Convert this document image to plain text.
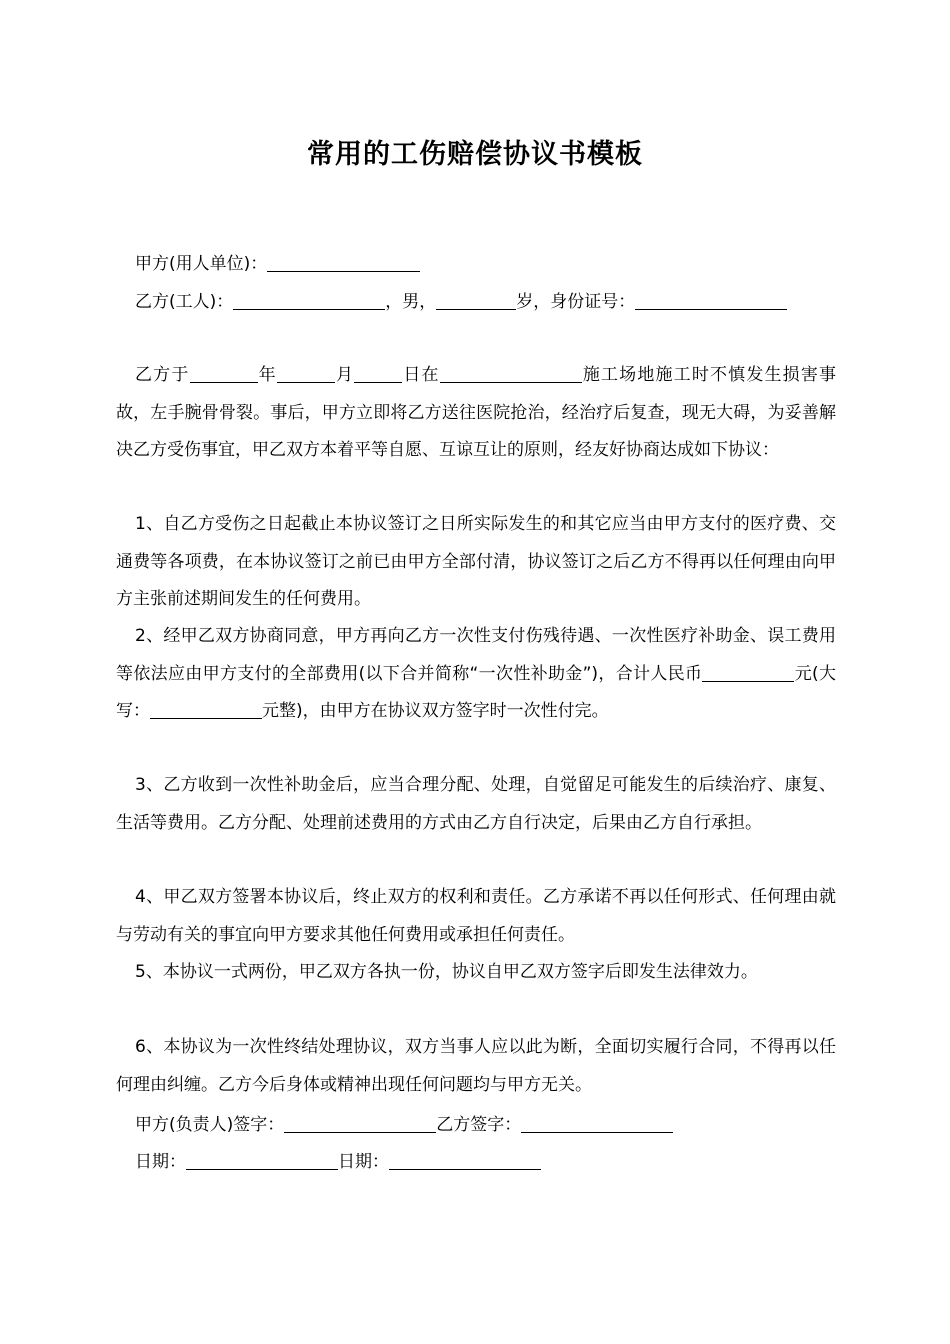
常用的工伤赔偿协议书模板
甲方(用人单位)：
乙方(工人)：	，男，	岁，身份证号：
乙方于	年	月	日在	施工场地施工时不慎发生损害事故，左手腕骨骨裂。事后，甲方立即将乙方送往医院抢治，经治疗后复查，现无大碍，为妥善解决乙方受伤事宜，甲乙双方本着平等自愿、互谅互让的原则，经友好协商达成如下协议：
1、自乙方受伤之日起截止本协议签订之日所实际发生的和其它应当由甲方支付的医疗费、交通费等各项费，在本协议签订之前已由甲方全部付清，协议签订之后乙方不得再以任何理由向甲方主张前述期间发生的任何费用。
2、经甲乙双方协商同意，甲方再向乙方一次性支付伤残待遇、一次性医疗补助金、误工费用等依法应由甲方支付的全部费用(以下合并简称“一次性补助金”)，合计人民币	元(大写：	元整)，由甲方在协议双方签字时一次性付完。
3、乙方收到一次性补助金后，应当合理分配、处理，自觉留足可能发生的后续治疗、康复、生活等费用。乙方分配、处理前述费用的方式由乙方自行决定，后果由乙方自行承担。
4、甲乙双方签署本协议后，终止双方的权利和责任。乙方承诺不再以任何形式、任何理由就与劳动有关的事宜向甲方要求其他任何费用或承担任何责任。
5、本协议一式两份，甲乙双方各执一份，协议自甲乙双方签字后即发生法律效力。
6、本协议为一次性终结处理协议，双方当事人应以此为断，全面切实履行合同，不得再以任何理由纠缠。乙方今后身体或精神出现任何问题均与甲方无关。
甲方(负责人)签字：	乙方签字：
日期：	日期：
